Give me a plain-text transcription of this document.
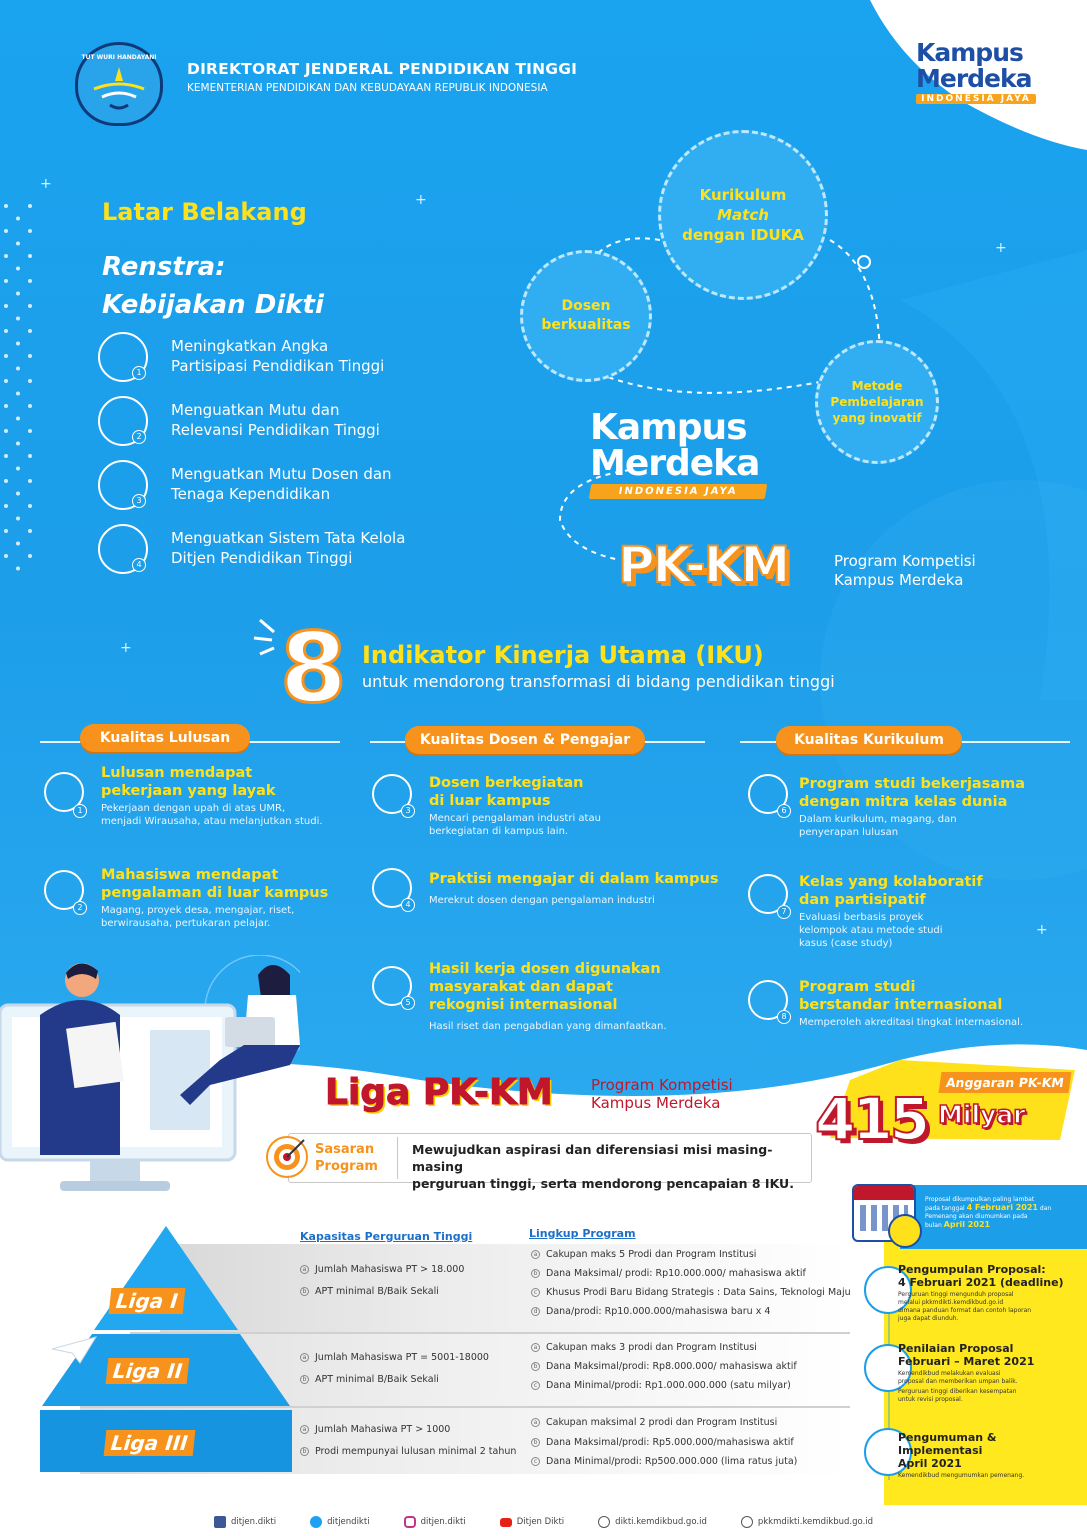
+
+
+
+
+
TUT WURI HANDAYANI
DIREKTORAT JENDERAL PENDIDIKAN TINGGI
KEMENTERIAN PENDIDIKAN DAN KEBUDAYAAN REPUBLIK INDONESIA
Kampus
Merdeka
INDONESIA JAYA
Latar Belakang
Renstra:
Kebijakan Dikti
1
Meningkatkan Angka
Partisipasi Pendidikan Tinggi
2
Menguatkan Mutu dan
Relevansi Pendidikan Tinggi
3
Menguatkan Mutu Dosen dan
Tenaga Kependidikan
4
Menguatkan Sistem Tata Kelola
Ditjen Pendidikan Tinggi
Kurikulum
Match
dengan IDUKA
Dosen
berkualitas
Metode
Pembelajaran
yang inovatif
Kampus
Merdeka
INDONESIA JAYA
PK-KM	Program Kompetisi
Kampus Merdeka
8 Indikator Kinerja Utama (IKU)
untuk mendorong transformasi di bidang pendidikan tinggi
Kualitas Lulusan	Kualitas Dosen & Pengajar	Kualitas Kurikulum
Lulusan mendapat
pekerjaan yang layak
Pekerjaan dengan upah di atas UMR,
menjadi Wirausaha, atau melanjutkan studi.
Mahasiswa mendapat
pengalaman di luar kampus
Magang, proyek desa, mengajar, riset,
berwirausaha, pertukaran pelajar.
Dosen berkegiatan
di luar kampus
Mencari pengalaman industri atau
berkegiatan di kampus lain.
Praktisi mengajar di dalam kampus
Merekrut dosen dengan pengalaman industri
Hasil kerja dosen digunakan
masyarakat dan dapat
rekognisi internasional
Hasil riset dan pengabdian yang dimanfaatkan.
Program studi bekerjasama
dengan mitra kelas dunia
Dalam kurikulum, magang, dan
penyerapan lulusan
Kelas yang kolaboratif
dan partisipatif
Evaluasi berbasis proyek
kelompok atau metode studi
kasus (case study)
Program studi
berstandar internasional
Memperoleh akreditasi tingkat internasional.
1
2
3
4
5
6
7
8
Liga PK-KM	Program Kompetisi
Kampus Merdeka
Anggaran PK-KM
415 Milyar
Sasaran
Program
Mewujudkan aspirasi dan diferensiasi misi masing-masing
perguruan tinggi, serta mendorong pencapaian 8 IKU.
Kapasitas Perguruan Tinggi	Lingkup Program
Liga I
Liga II
Liga III
a Jumlah Mahasiswa PT > 18.000
b APT minimal B/Baik Sekali
a Cakupan maks 5 Prodi dan Program Institusi
b Dana Maksimal/ prodi: Rp10.000.000/ mahasiswa aktif
c Khusus Prodi Baru Bidang Strategis : Data Sains, Teknologi Maju
d Dana/prodi: Rp10.000.000/mahasiswa baru x 4
a Jumlah Mahasiswa PT = 5001-18000
b APT minimal B/Baik Sekali
a Cakupan maks 3 prodi dan Program Institusi
b Dana Maksimal/prodi: Rp8.000.000/ mahasiswa aktif
c Dana Minimal/prodi: Rp1.000.000.000 (satu milyar)
a Jumlah Mahasiwa PT > 1000
b Prodi mempunyai lulusan minimal 2 tahun
a Cakupan maksimal 2 prodi dan Program Institusi
b Dana Maksimal/prodi: Rp5.000.000/mahasiswa aktif
c Dana Minimal/prodi: Rp500.000.000 (lima ratus juta)
Proposal dikumpulkan paling lambat
pada tanggal 4 Februari 2021 dan
Pemenang akan diumumkan pada
bulan April 2021
Pengumpulan Proposal:
4 Februari 2021 (deadline)
Perguruan tinggi mengunduh proposal
melalui pkkmdikti.kemdikbud.go.id
dimana panduan format dan contoh laporan
juga dapat diunduh.
Penilaian Proposal
Februari – Maret 2021
Kemendikbud melakukan evaluasi
proposal dan memberikan umpan balik.
Perguruan tinggi diberikan kesempatan
untuk revisi proposal.
Pengumuman &
Implementasi
April 2021
Kemendikbud mengumumkan pemenang.
ditjen.dikti	ditjendikti	ditjen.dikti	Ditjen Dikti	dikti.kemdikbud.go.id	pkkmdikti.kemdikbud.go.id
